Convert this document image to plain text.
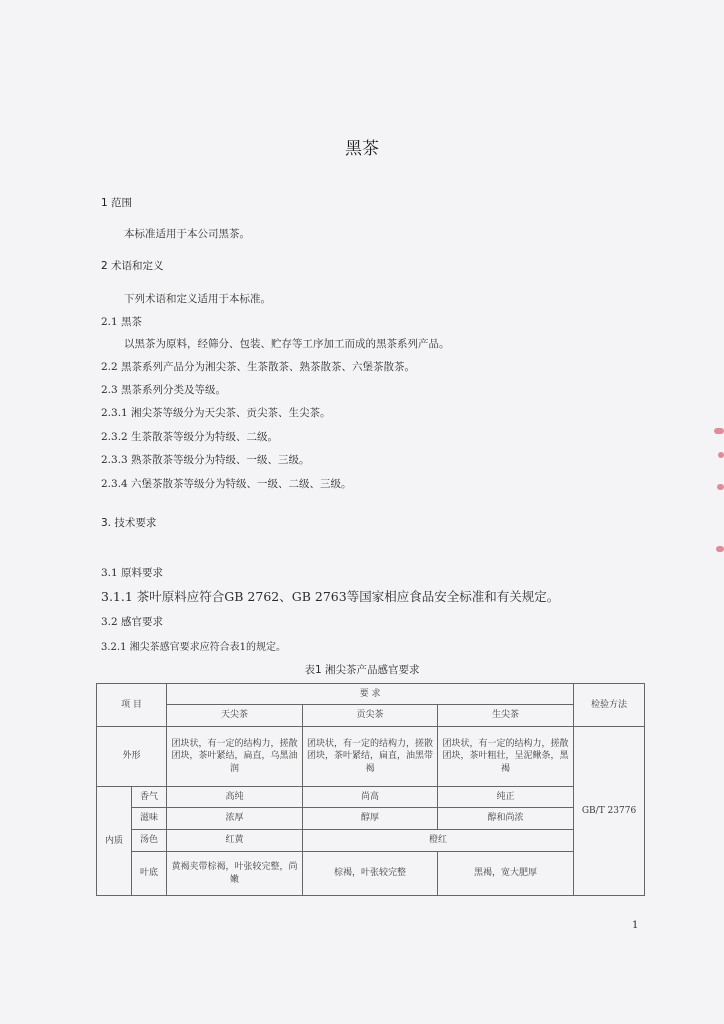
黑茶
1 范围
本标准适用于本公司黑茶。
2 术语和定义
下列术语和定义适用于本标准。
2.1 黑茶
以黑茶为原料，经筛分、包装、贮存等工序加工而成的黑茶系列产品。
2.2 黑茶系列产品分为湘尖茶、生茶散茶、熟茶散茶、六堡茶散茶。
2.3 黑茶系列分类及等级。
2.3.1 湘尖茶等级分为天尖茶、贡尖茶、生尖茶。
2.3.2 生茶散茶等级分为特级、二级。
2.3.3 熟茶散茶等级分为特级、一级、三级。
2.3.4 六堡茶散茶等级分为特级、一级、二级、三级。
3. 技术要求
3.1 原料要求
3.1.1 茶叶原料应符合GB 2762、GB 2763等国家相应食品安全标准和有关规定。
3.2 感官要求
3.2.1 湘尖茶感官要求应符合表1的规定。
表1 湘尖茶产品感官要求
项 目		要 求			检验方法
		天尖茶	贡尖茶	生尖茶	
外形		团块状，有一定的结构力，搓散团块，茶叶紧结，扁直，乌黑油润	团块状，有一定的结构力，搓散团块，茶叶紧结，扁直，油黑带褐	团块状，有一定的结构力，搓散团块，茶叶粗壮，呈泥鳅条，黑褐	GB/T 23776
内质	香气	高纯	尚高	纯正	
	滋味	浓厚	醇厚	醇和尚浓	
	汤色	红黄	橙红		
	叶底	黄褐夹带棕褐，叶张较完整，尚嫩	棕褐，叶张较完整	黑褐，宽大肥厚	
1
